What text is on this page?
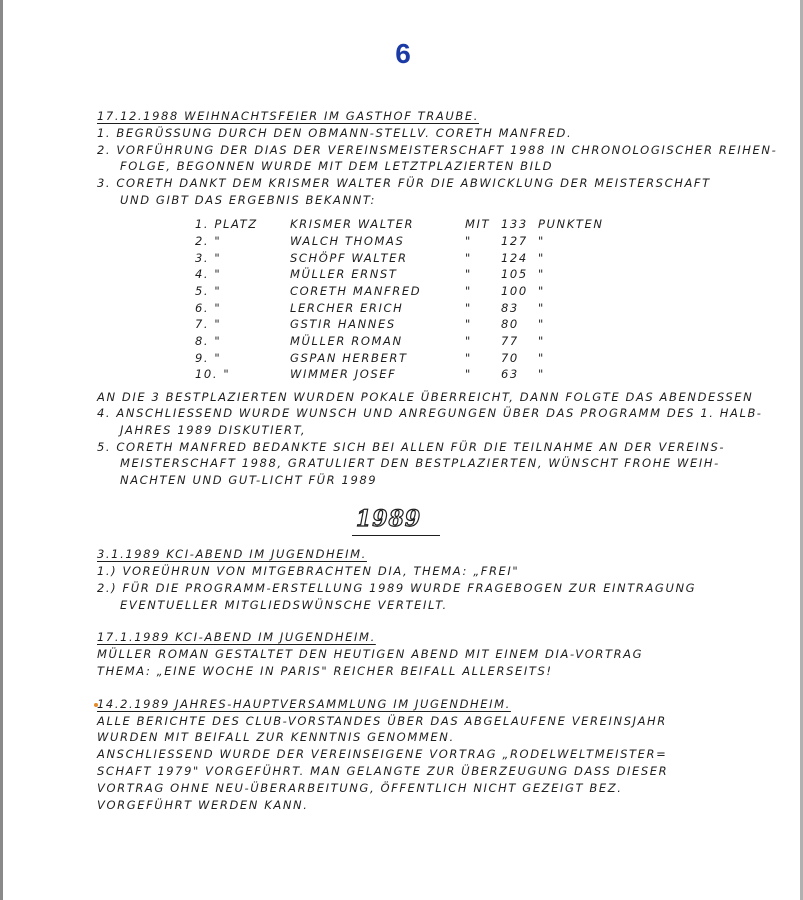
6
17.12.1988 WEIHNACHTSFEIER IM GASTHOF TRAUBE.
1. BEGRÜSSUNG DURCH DEN OBMANN-STELLV. CORETH MANFRED.
2. VORFÜHRUNG DER DIAS DER VEREINSMEISTERSCHAFT 1988 IN CHRONOLOGISCHER REIHEN-
FOLGE, BEGONNEN WURDE MIT DEM LETZTPLAZIERTEN BILD
3. CORETH DANKT DEM KRISMER WALTER FÜR DIE ABWICKLUNG DER MEISTERSCHAFT
UND GIBT DAS ERGEBNIS BEKANNT:
1. PLATZ	KRISMER WALTER	MIT 133 PUNKTEN
2. "	WALCH THOMAS	"	127 "
3. "	SCHÖPF WALTER	"	124 "
4. "	MÜLLER ERNST	"	105 "
5. "	CORETH MANFRED	"	100 "
6. "	LERCHER ERICH	"	83 "
7. "	GSTIR HANNES	"	80 "
8. "	MÜLLER ROMAN	"	77 "
9. "	GSPAN HERBERT	"	70 "
10. "	WIMMER JOSEF	"	63 "
AN DIE 3 BESTPLAZIERTEN WURDEN POKALE ÜBERREICHT, DANN FOLGTE DAS ABENDESSEN
4. ANSCHLIESSEND WURDE WUNSCH UND ANREGUNGEN ÜBER DAS PROGRAMM DES 1. HALB-
JAHRES 1989 DISKUTIERT,
5. CORETH MANFRED BEDANKTE SICH BEI ALLEN FÜR DIE TEILNAHME AN DER VEREINS-
MEISTERSCHAFT 1988, GRATULIERT DEN BESTPLAZIERTEN, WÜNSCHT FROHE WEIH-
NACHTEN UND GUT-LICHT FÜR 1989
1989
3.1.1989 KCI-ABEND IM JUGENDHEIM.
1.) VOREÜHRUN VON MITGEBRACHTEN DIA, THEMA: „FREI"
2.) FÜR DIE PROGRAMM-ERSTELLUNG 1989 WURDE FRAGEBOGEN ZUR EINTRAGUNG
EVENTUELLER MITGLIEDSWÜNSCHE VERTEILT.
17.1.1989 KCI-ABEND IM JUGENDHEIM.
MÜLLER ROMAN GESTALTET DEN HEUTIGEN ABEND MIT EINEM DIA-VORTRAG
THEMA: „EINE WOCHE IN PARIS" REICHER BEIFALL ALLERSEITS!
14.2.1989 JAHRES-HAUPTVERSAMMLUNG IM JUGENDHEIM.
ALLE BERICHTE DES CLUB-VORSTANDES ÜBER DAS ABGELAUFENE VEREINSJAHR
WURDEN MIT BEIFALL ZUR KENNTNIS GENOMMEN.
ANSCHLIESSEND WURDE DER VEREINSEIGENE VORTRAG „RODELWELTMEISTER=
SCHAFT 1979" VORGEFÜHRT. MAN GELANGTE ZUR ÜBERZEUGUNG DASS DIESER
VORTRAG OHNE NEU-ÜBERARBEITUNG, ÖFFENTLICH NICHT GEZEIGT BEZ.
VORGEFÜHRT WERDEN KANN.
